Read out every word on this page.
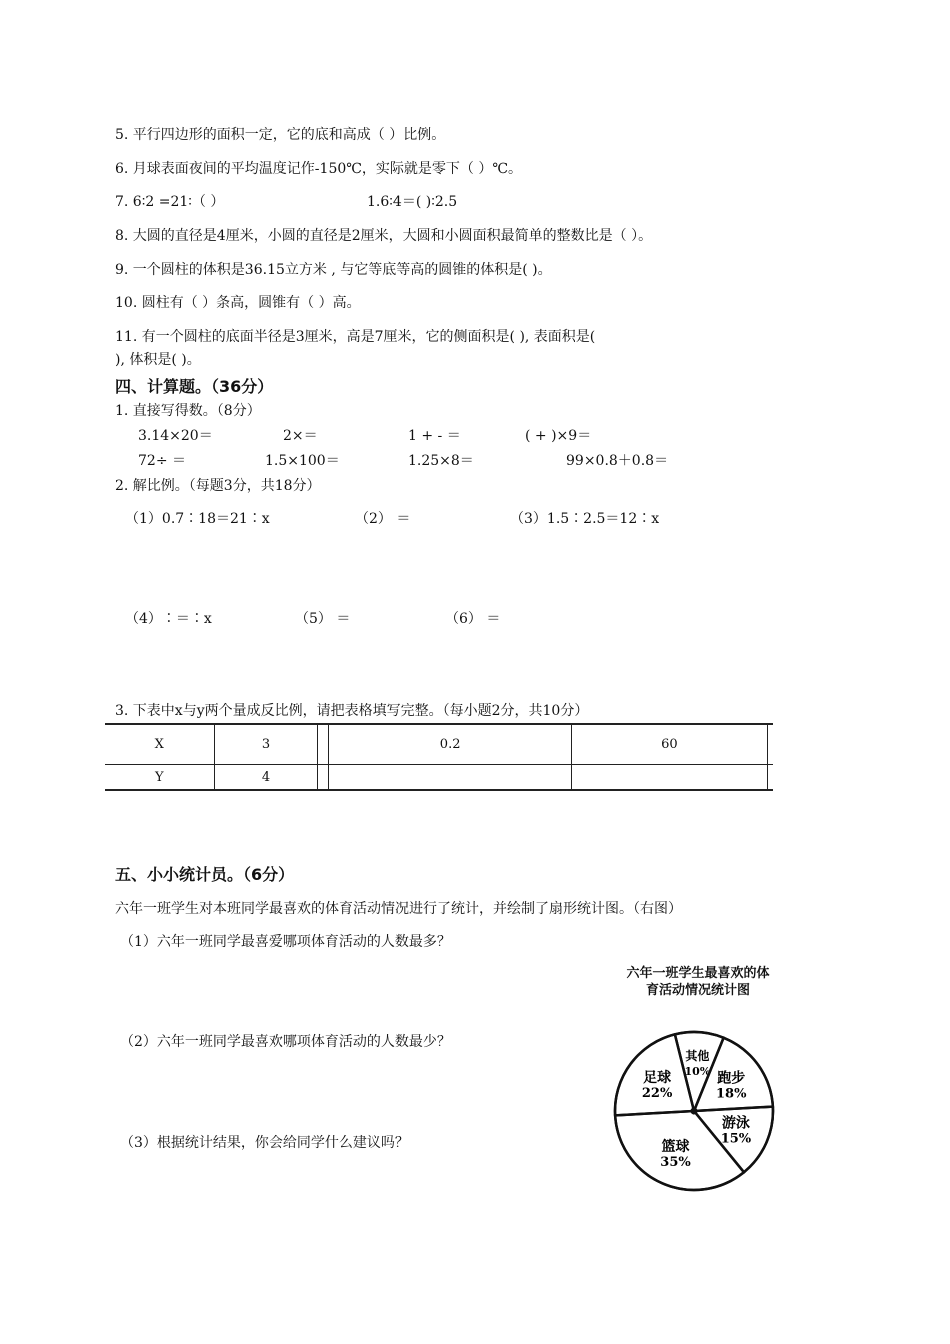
5. 平行四边形的面积一定，它的底和高成（ ）比例。
6. 月球表面夜间的平均温度记作-150℃，实际就是零下（ ）℃。
7. 6∶2 =21∶（ ）	1.6∶4＝( )∶2.5
8. 大圆的直径是4厘米，小圆的直径是2厘米，大圆和小圆面积最简单的整数比是（ ）。
9. 一个圆柱的体积是36.15立方米 , 与它等底等高的圆锥的体积是( )。
10. 圆柱有（ ）条高，圆锥有（ ）高。
11. 有一个圆柱的底面半径是3厘米，高是7厘米，它的侧面积是( ), 表面积是(
), 体积是( )。
四、计算题。（36分）
1. 直接写得数。（8分）
3.14×20＝	2×＝	1 + - ＝	( + )×9＝
72÷ ＝	1.5×100＝	1.25×8＝	99×0.8＋0.8＝
2. 解比例。（每题3分，共18分）
（1）0.7∶18＝21∶x	（2） ＝	（3）1.5∶2.5＝12∶x
（4）∶＝∶x	（5） ＝	（6） ＝
3. 下表中x与y两个量成反比例，请把表格填写完整。（每小题2分，共10分）
X	3		0.2	60	
Y	4				
五、小小统计员。（6分）
六年一班学生对本班同学最喜欢的体育活动情况进行了统计，并绘制了扇形统计图。（右图）
（1）六年一班同学最喜爱哪项体育活动的人数最多？
（2）六年一班同学最喜欢哪项体育活动的人数最少？
（3）根据统计结果，你会给同学什么建议吗？
六年一班学生最喜欢的体
育活动情况统计图
其他
10% 跑步
18%
游泳
15%
篮球
35%
足球
22%
